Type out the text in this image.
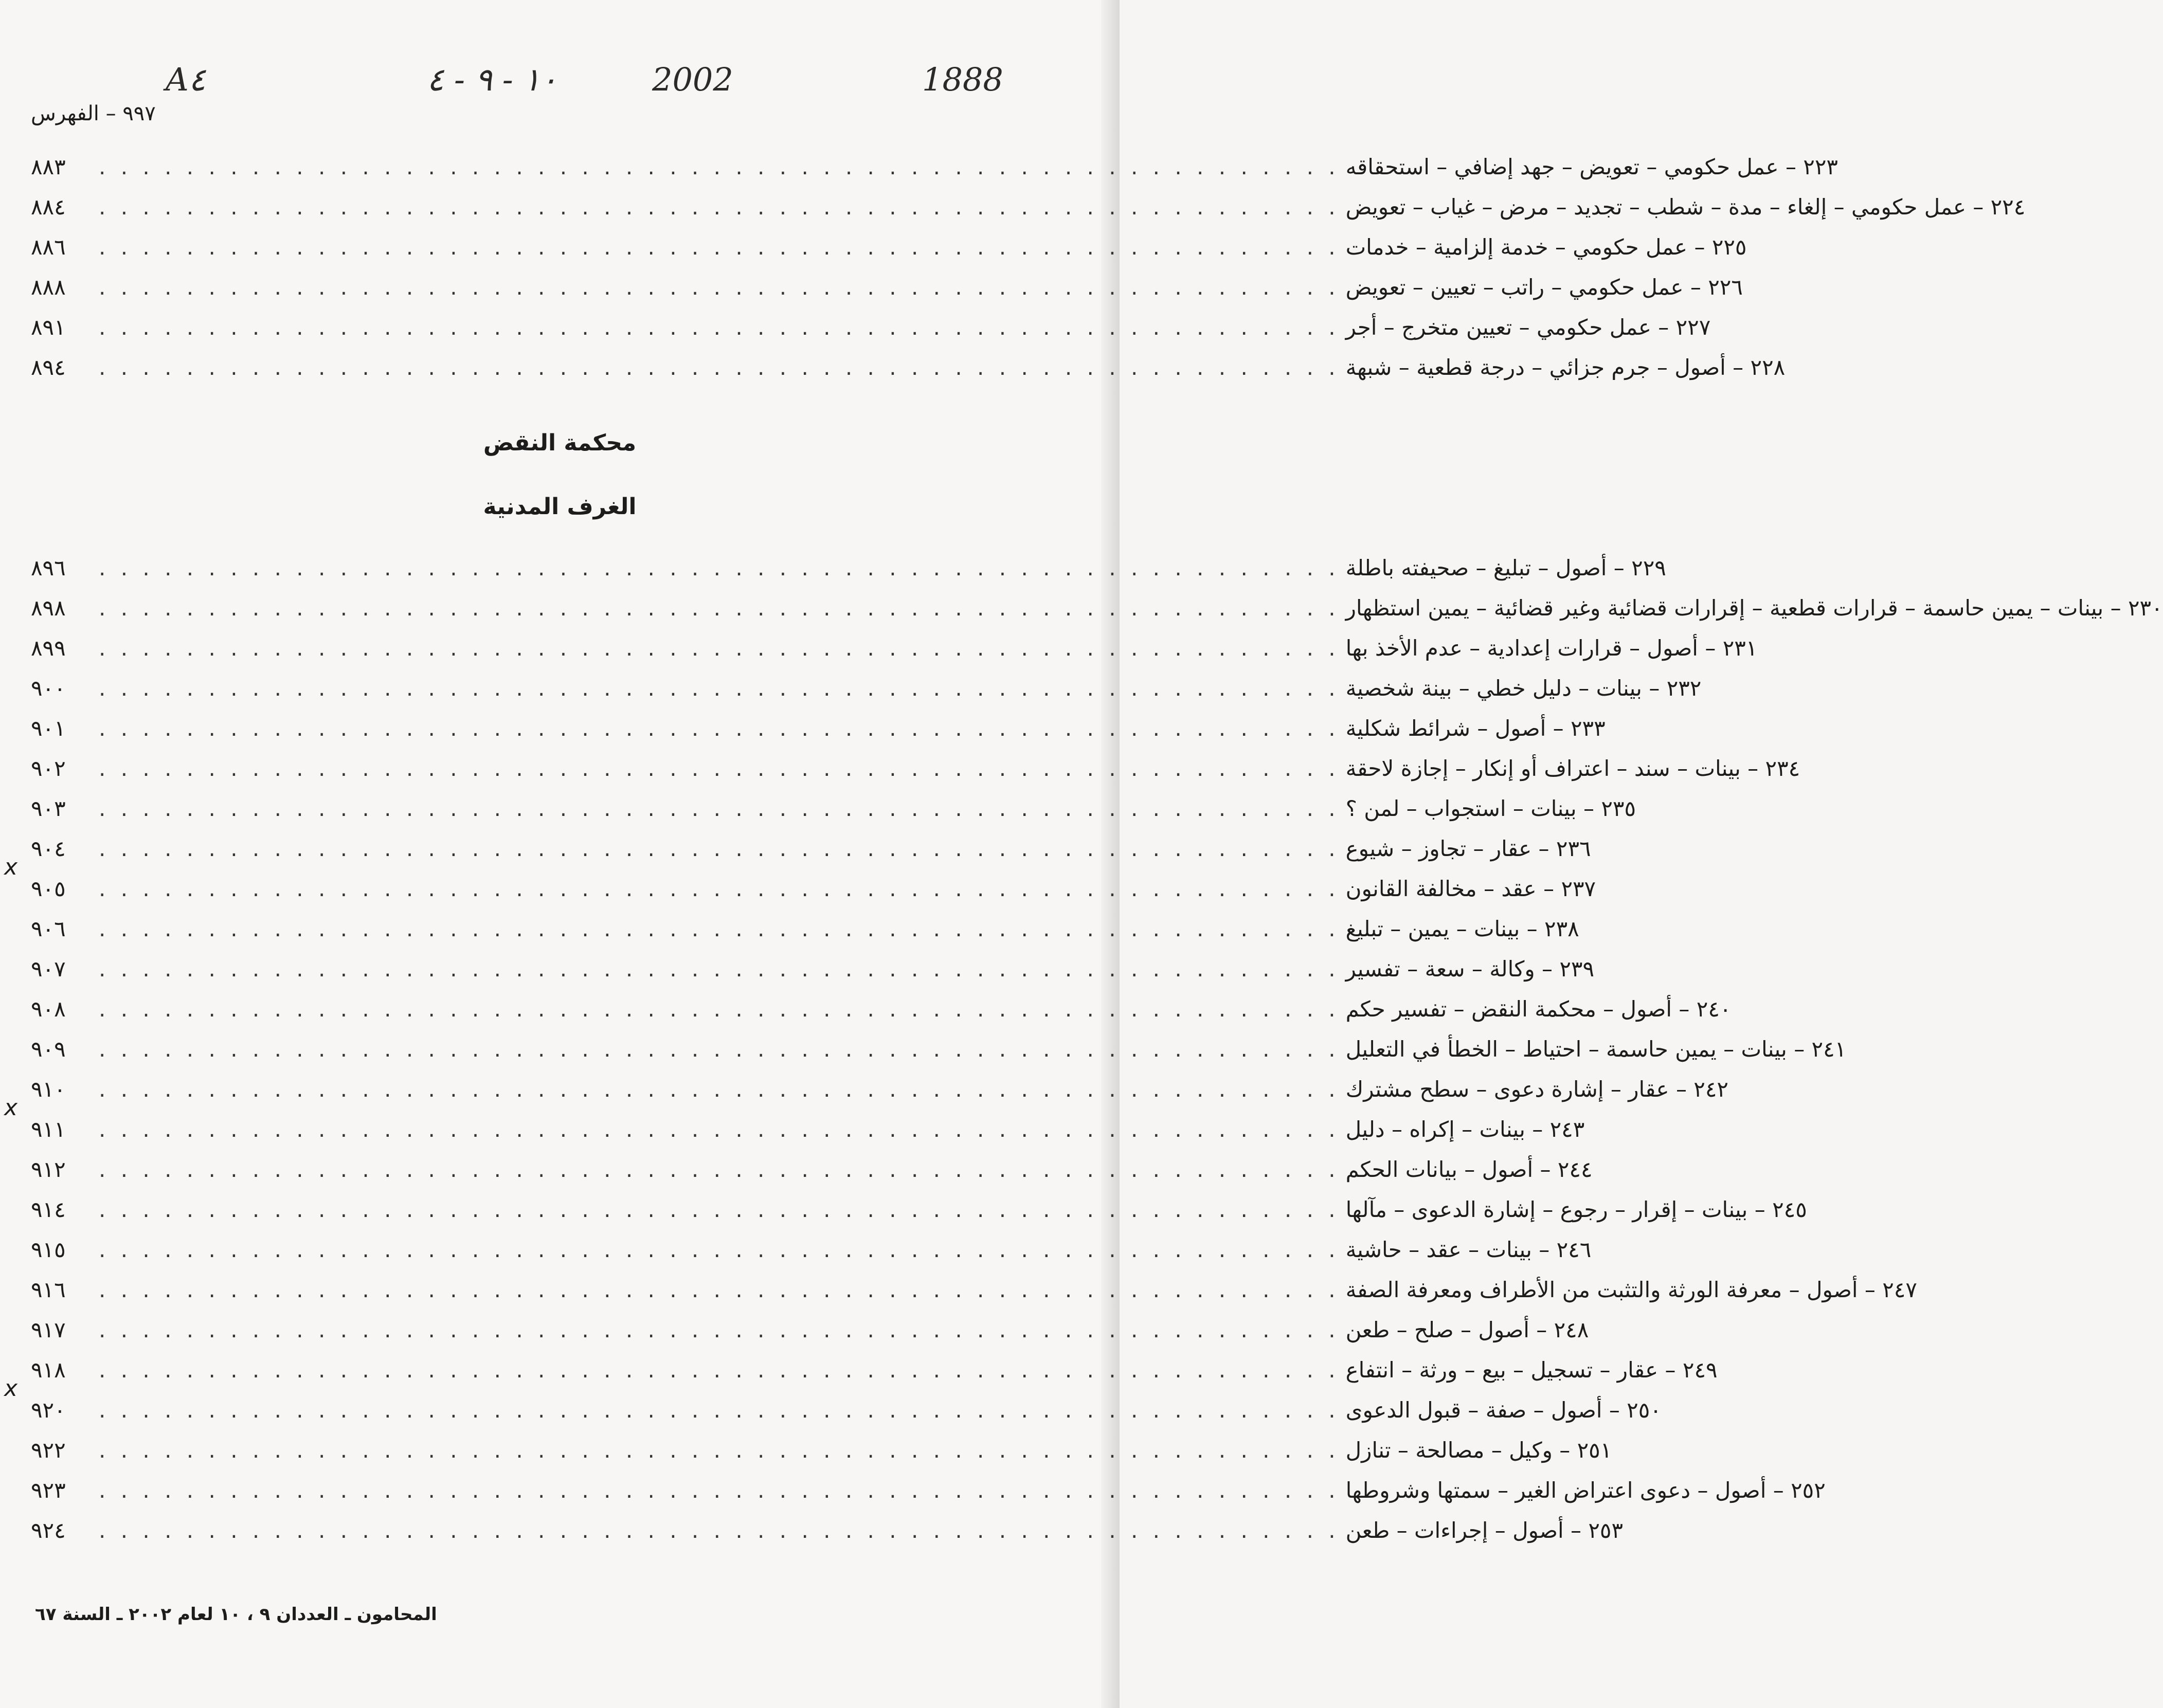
A٤	١٠ - ٩ - ٤	2002	1888
٩٩٧ – الفهرس
٨٨٣	. . . . . . . . . . . . . . . . . . . . . . . . . . . . . . . . . . . . . . . . . . . . . . . . . . . . . . . . .	٢٢٣ – عمل حكومي – تعويض – جهد إضافي – استحقاقه
٨٨٤	. . . . . . . . . . . . . . . . . . . . . . . . . . . . . . . . . . . . . . . . . . . . . . . . . . . . . . . . .	٢٢٤ – عمل حكومي – إلغاء – مدة – شطب – تجديد – مرض – غياب – تعويض
٨٨٦	. . . . . . . . . . . . . . . . . . . . . . . . . . . . . . . . . . . . . . . . . . . . . . . . . . . . . . . . .	٢٢٥ – عمل حكومي – خدمة إلزامية – خدمات
٨٨٨	. . . . . . . . . . . . . . . . . . . . . . . . . . . . . . . . . . . . . . . . . . . . . . . . . . . . . . . . .	٢٢٦ – عمل حكومي – راتب – تعيين – تعويض
٨٩١	. . . . . . . . . . . . . . . . . . . . . . . . . . . . . . . . . . . . . . . . . . . . . . . . . . . . . . . . .	٢٢٧ – عمل حكومي – تعيين متخرج – أجر
٨٩٤	. . . . . . . . . . . . . . . . . . . . . . . . . . . . . . . . . . . . . . . . . . . . . . . . . . . . . . . . .	٢٢٨ – أصول – جرم جزائي – درجة قطعية – شبهة
محكمة النقض
الغرف المدنية
٨٩٦	. . . . . . . . . . . . . . . . . . . . . . . . . . . . . . . . . . . . . . . . . . . . . . . . . . . . . . . . .	٢٢٩ – أصول – تبليغ – صحيفته باطلة
٨٩٨	. . . . . . . . . . . . . . . . . . . . . . . . . . . . . . . . . . . . . . . . . . . . . . . . . . . . . . . . .	٢٣٠ – بينات – يمين حاسمة – قرارات قطعية – إقرارات قضائية وغير قضائية – يمين استظهار
٨٩٩	. . . . . . . . . . . . . . . . . . . . . . . . . . . . . . . . . . . . . . . . . . . . . . . . . . . . . . . . .	٢٣١ – أصول – قرارات إعدادية – عدم الأخذ بها
٩٠٠	. . . . . . . . . . . . . . . . . . . . . . . . . . . . . . . . . . . . . . . . . . . . . . . . . . . . . . . . .	٢٣٢ – بينات – دليل خطي – بينة شخصية
٩٠١	. . . . . . . . . . . . . . . . . . . . . . . . . . . . . . . . . . . . . . . . . . . . . . . . . . . . . . . . .	٢٣٣ – أصول – شرائط شكلية
٩٠٢	. . . . . . . . . . . . . . . . . . . . . . . . . . . . . . . . . . . . . . . . . . . . . . . . . . . . . . . . .	٢٣٤ – بينات – سند – اعتراف أو إنكار – إجازة لاحقة
٩٠٣	. . . . . . . . . . . . . . . . . . . . . . . . . . . . . . . . . . . . . . . . . . . . . . . . . . . . . . . . .	٢٣٥ – بينات – استجواب – لمن ؟
x
٩٠٤	. . . . . . . . . . . . . . . . . . . . . . . . . . . . . . . . . . . . . . . . . . . . . . . . . . . . . . . . .	٢٣٦ – عقار – تجاوز – شيوع
٩٠٥	. . . . . . . . . . . . . . . . . . . . . . . . . . . . . . . . . . . . . . . . . . . . . . . . . . . . . . . . .	٢٣٧ – عقد – مخالفة القانون
٩٠٦	. . . . . . . . . . . . . . . . . . . . . . . . . . . . . . . . . . . . . . . . . . . . . . . . . . . . . . . . .	٢٣٨ – بينات – يمين – تبليغ
٩٠٧	. . . . . . . . . . . . . . . . . . . . . . . . . . . . . . . . . . . . . . . . . . . . . . . . . . . . . . . . .	٢٣٩ – وكالة – سعة – تفسير
٩٠٨	. . . . . . . . . . . . . . . . . . . . . . . . . . . . . . . . . . . . . . . . . . . . . . . . . . . . . . . . .	٢٤٠ – أصول – محكمة النقض – تفسير حكم
٩٠٩	. . . . . . . . . . . . . . . . . . . . . . . . . . . . . . . . . . . . . . . . . . . . . . . . . . . . . . . . .	٢٤١ – بينات – يمين حاسمة – احتياط – الخطأ في التعليل
x
٩١٠	. . . . . . . . . . . . . . . . . . . . . . . . . . . . . . . . . . . . . . . . . . . . . . . . . . . . . . . . .	٢٤٢ – عقار – إشارة دعوى – سطح مشترك
٩١١	. . . . . . . . . . . . . . . . . . . . . . . . . . . . . . . . . . . . . . . . . . . . . . . . . . . . . . . . .	٢٤٣ – بينات – إكراه – دليل
٩١٢	. . . . . . . . . . . . . . . . . . . . . . . . . . . . . . . . . . . . . . . . . . . . . . . . . . . . . . . . .	٢٤٤ – أصول – بيانات الحكم
٩١٤	. . . . . . . . . . . . . . . . . . . . . . . . . . . . . . . . . . . . . . . . . . . . . . . . . . . . . . . . .	٢٤٥ – بينات – إقرار – رجوع – إشارة الدعوى – مآلها
٩١٥	. . . . . . . . . . . . . . . . . . . . . . . . . . . . . . . . . . . . . . . . . . . . . . . . . . . . . . . . .	٢٤٦ – بينات – عقد – حاشية
٩١٦	. . . . . . . . . . . . . . . . . . . . . . . . . . . . . . . . . . . . . . . . . . . . . . . . . . . . . . . . .	٢٤٧ – أصول – معرفة الورثة والتثبت من الأطراف ومعرفة الصفة
٩١٧	. . . . . . . . . . . . . . . . . . . . . . . . . . . . . . . . . . . . . . . . . . . . . . . . . . . . . . . . .	٢٤٨ – أصول – صلح – طعن
x
٩١٨	. . . . . . . . . . . . . . . . . . . . . . . . . . . . . . . . . . . . . . . . . . . . . . . . . . . . . . . . .	٢٤٩ – عقار – تسجيل – بيع – ورثة – انتفاع
٩٢٠	. . . . . . . . . . . . . . . . . . . . . . . . . . . . . . . . . . . . . . . . . . . . . . . . . . . . . . . . .	٢٥٠ – أصول – صفة – قبول الدعوى
٩٢٢	. . . . . . . . . . . . . . . . . . . . . . . . . . . . . . . . . . . . . . . . . . . . . . . . . . . . . . . . .	٢٥١ – وكيل – مصالحة – تنازل
٩٢٣	. . . . . . . . . . . . . . . . . . . . . . . . . . . . . . . . . . . . . . . . . . . . . . . . . . . . . . . . .	٢٥٢ – أصول – دعوى اعتراض الغير – سمتها وشروطها
٩٢٤	. . . . . . . . . . . . . . . . . . . . . . . . . . . . . . . . . . . . . . . . . . . . . . . . . . . . . . . . .	٢٥٣ – أصول – إجراءات – طعن
المحامون ـ العددان ٩ ، ١٠ لعام ٢٠٠٢ ـ السنة ٦٧
